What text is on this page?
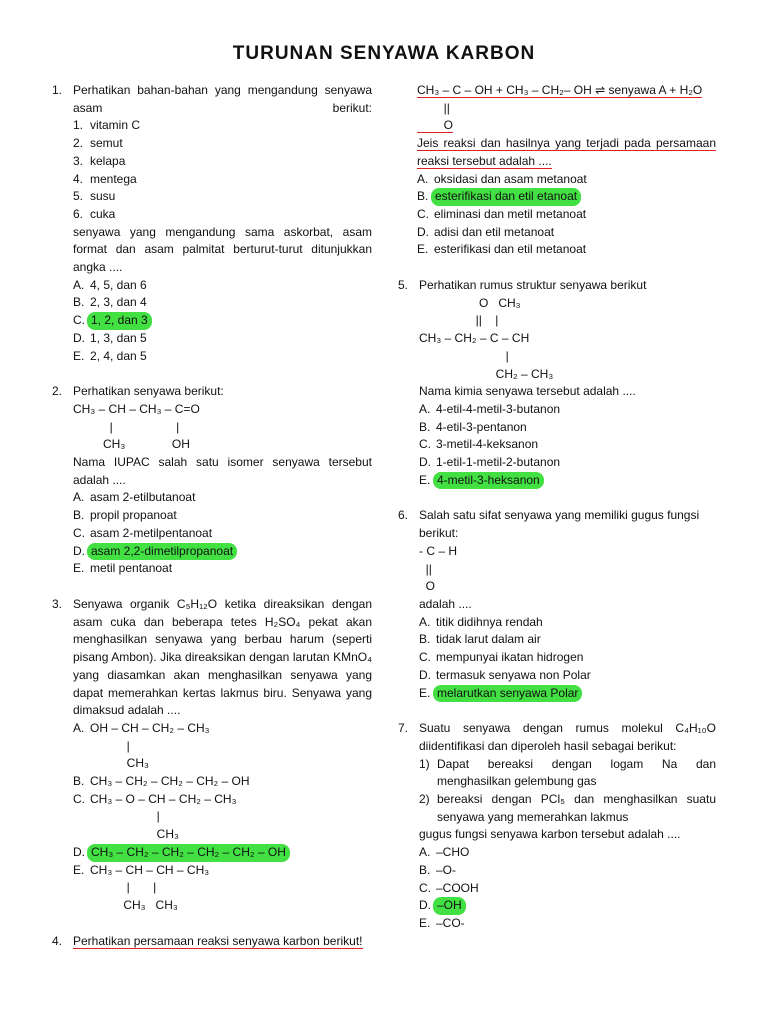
TURUNAN SENYAWA KARBON
1. Perhatikan bahan-bahan yang mengandung senyawa asam berikut:
1. vitamin C
2. semut
3. kelapa
4. mentega
5. susu
6. cuka
senyawa yang mengandung sama askorbat, asam format dan asam palmitat berturut-turut ditunjukkan angka ....
A. 4, 5, dan 6
B. 2, 3, dan 4
C. 1, 2, dan 3
D. 1, 3, dan 5
E. 2, 4, dan 5
2. Perhatikan senyawa berikut:
CH₃ – CH – CH₃ – C=O
|                   |
CH₃              OH
Nama IUPAC salah satu isomer senyawa tersebut adalah ....
A. asam 2-etilbutanoat
B. propil propanoat
C. asam 2-metilpentanoat
D. asam 2,2-dimetilpropanoat
E. metil pentanoat
3. Senyawa organik C₅H₁₂O ketika direaksikan dengan asam cuka dan beberapa tetes H₂SO₄ pekat akan menghasilkan senyawa yang berbau harum (seperti pisang Ambon). Jika direaksikan dengan larutan KMnO₄ yang diasamkan akan menghasilkan senyawa yang dapat memerahkan kertas lakmus biru. Senyawa yang dimaksud adalah ....
A. OH – CH – CH₂ – CH₃
|
CH₃
B. CH₃ – CH₂ – CH₂ – CH₂ – OH
C. CH₃ – O – CH – CH₂ – CH₃
|
CH₃
D. CH₃ – CH₂ – CH₂ – CH₂ – CH₂ – OH
E. CH₃ – CH – CH – CH₃
|       |
CH₃   CH₃
4. Perhatikan persamaan reaksi senyawa karbon berikut!
CH₃ – C – OH + CH₃ – CH₂– OH ⇌ senyawa A + H₂O
||
O
Jeis reaksi dan hasilnya yang terjadi pada persamaan reaksi tersebut adalah ....
A. oksidasi dan asam metanoat
B. esterifikasi dan etil etanoat
C. eliminasi dan metil metanoat
D. adisi dan etil metanoat
E. esterifikasi dan etil metanoat
5. Perhatikan rumus struktur senyawa berikut
O   CH₃
||    |
CH₃ – CH₂ – C – CH
|
CH₂ – CH₃
Nama kimia senyawa tersebut adalah ....
A. 4-etil-4-metil-3-butanon
B. 4-etil-3-pentanon
C. 3-metil-4-keksanon
D. 1-etil-1-metil-2-butanon
E. 4-metil-3-heksanon
6. Salah satu sifat senyawa yang memiliki gugus fungsi berikut:
- C – H
||
O
adalah ....
A. titik didihnya rendah
B. tidak larut dalam air
C. mempunyai ikatan hidrogen
D. termasuk senyawa non Polar
E. melarutkan senyawa Polar
7. Suatu senyawa dengan rumus molekul C₄H₁₀O diidentifikasi dan diperoleh hasil sebagai berikut:
1) Dapat bereaksi dengan logam Na dan menghasilkan gelembung gas
2) bereaksi dengan PCl₅ dan menghasilkan suatu senyawa yang memerahkan lakmus
gugus fungsi senyawa karbon tersebut adalah ....
A. –CHO
B. –O-
C. –COOH
D. –OH
E. –CO-
